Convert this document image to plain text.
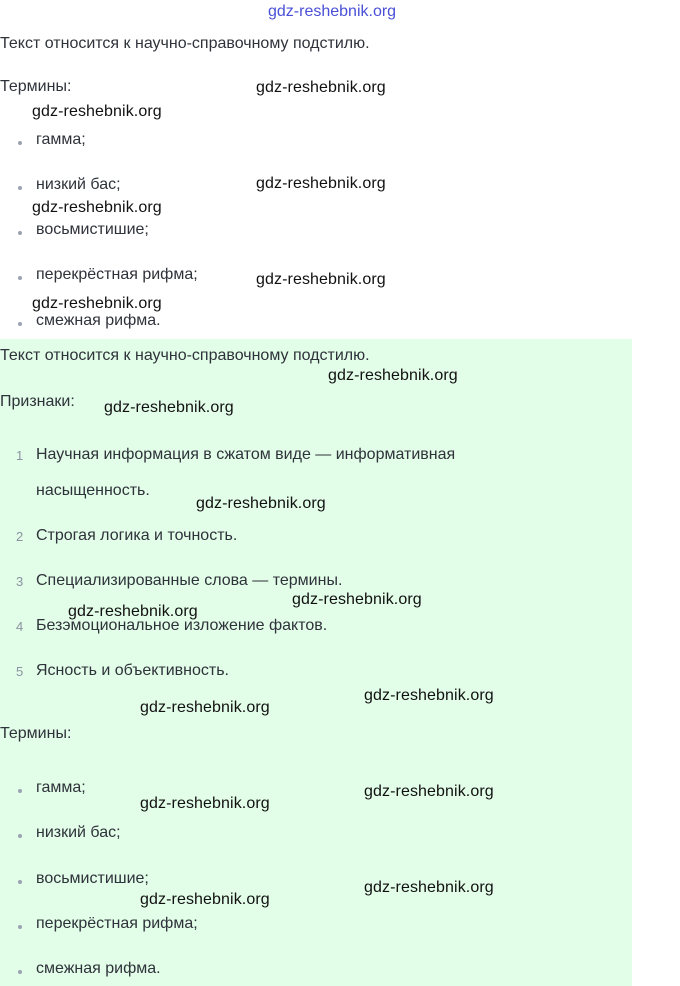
gdz-reshebnik.org
Текст относится к научно-справочному подстилю.
Термины:
гамма;
низкий бас;
восьмистишие;
перекрёстная рифма;
смежная рифма.
Текст относится к научно-справочному подстилю.
Признаки:
1 Научная информация в сжатом виде — информативная
насыщенность.
2 Строгая логика и точность.
3 Специализированные слова — термины.
4 Безэмоциональное изложение фактов.
5 Ясность и объективность.
Термины:
гамма;
низкий бас;
восьмистишие;
перекрёстная рифма;
смежная рифма.
gdz-reshebnik.org
gdz-reshebnik.org
gdz-reshebnik.org
gdz-reshebnik.org
gdz-reshebnik.org
gdz-reshebnik.org
gdz-reshebnik.org
gdz-reshebnik.org
gdz-reshebnik.org
gdz-reshebnik.org
gdz-reshebnik.org
gdz-reshebnik.org
gdz-reshebnik.org
gdz-reshebnik.org
gdz-reshebnik.org
gdz-reshebnik.org
gdz-reshebnik.org
